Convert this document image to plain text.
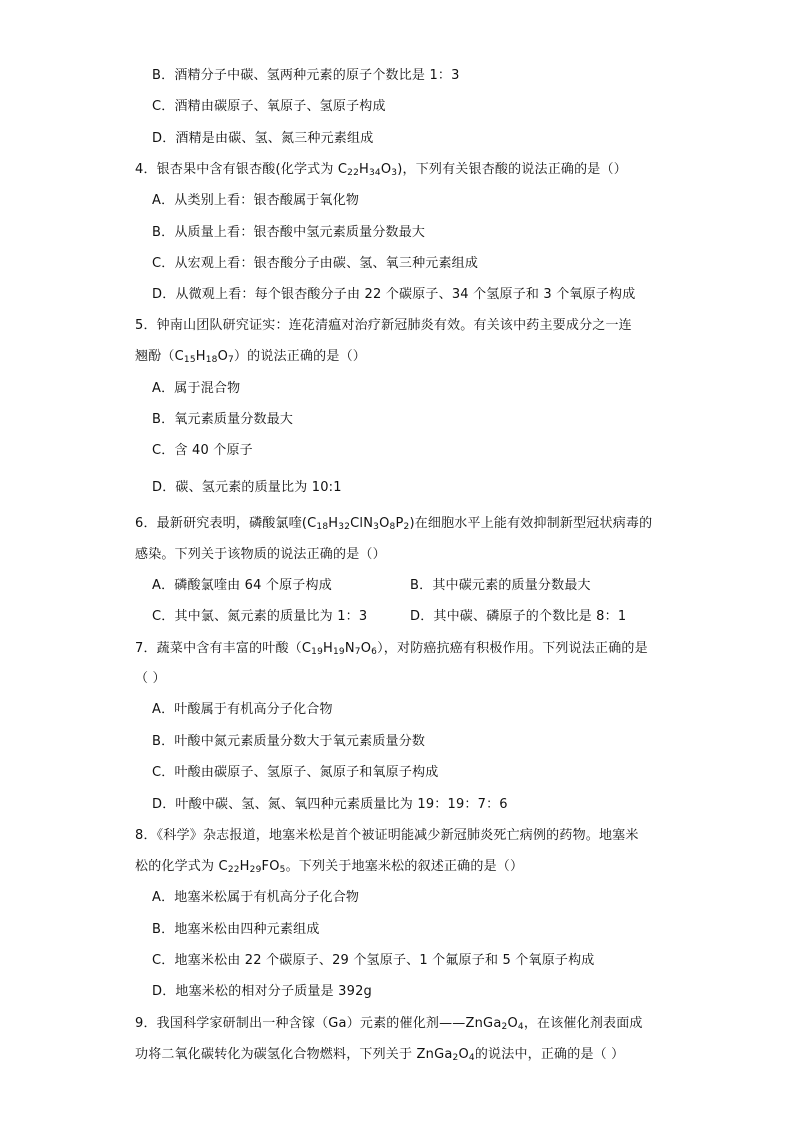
B．酒精分子中碳、氢两种元素的原子个数比是 1：3
C．酒精由碳原子、氧原子、氢原子构成
D．酒精是由碳、氢、氮三种元素组成
4．银杏果中含有银杏酸(化学式为 $C_{22}H_{34}O_3$)，下列有关银杏酸的说法正确的是（）
A．从类别上看：银杏酸属于氧化物
B．从质量上看：银杏酸中氢元素质量分数最大
C．从宏观上看：银杏酸分子由碳、氢、氧三种元素组成
D．从微观上看：每个银杏酸分子由 22 个碳原子、34 个氢原子和 3 个氧原子构成
5．钟南山团队研究证实：连花清瘟对治疗新冠肺炎有效。有关该中药主要成分之一连
翘酚$(C_{15}H_{18}O_7)$的说法正确的是（）
A．属于混合物
B．氧元素质量分数最大
C．含 40 个原子
D．碳、氢元素的质量比为 10:1
6．最新研究表明，磷酸氯喹$(C_{18}H_{32}ClN_3O_8P_2)$在细胞水平上能有效抑制新型冠状病毒的
感染。下列关于该物质的说法正确的是（）
A．磷酸氯喹由 64 个原子构成	B．其中碳元素的质量分数最大
C．其中氯、氮元素的质量比为 1：3	D．其中碳、磷原子的个数比是 8：1
7．蔬菜中含有丰富的叶酸$(C_{19}H_{19}N_7O_6)$，对防癌抗癌有积极作用。下列说法正确的是
（ ）
A．叶酸属于有机高分子化合物
B．叶酸中氮元素质量分数大于氧元素质量分数
C．叶酸由碳原子、氢原子、氮原子和氧原子构成
D．叶酸中碳、氢、氮、氧四种元素质量比为 19：19：7：6
8．《科学》杂志报道，地塞米松是首个被证明能减少新冠肺炎死亡病例的药物。地塞米
松的化学式为 $C_{22}H_{29}FO_5$。下列关于地塞米松的叙述正确的是（）
A．地塞米松属于有机高分子化合物
B．地塞米松由四种元素组成
C．地塞米松由 22 个碳原子、29 个氢原子、1 个氟原子和 5 个氧原子构成
D．地塞米松的相对分子质量是 392g
9．我国科学家研制出一种含镓（Ga）元素的催化剂$——ZnGa_2O_4$，在该催化剂表面成
功将二氧化碳转化为碳氢化合物燃料，下列关于 $ZnGa_2O_4$的说法中，正确的是（ ）
